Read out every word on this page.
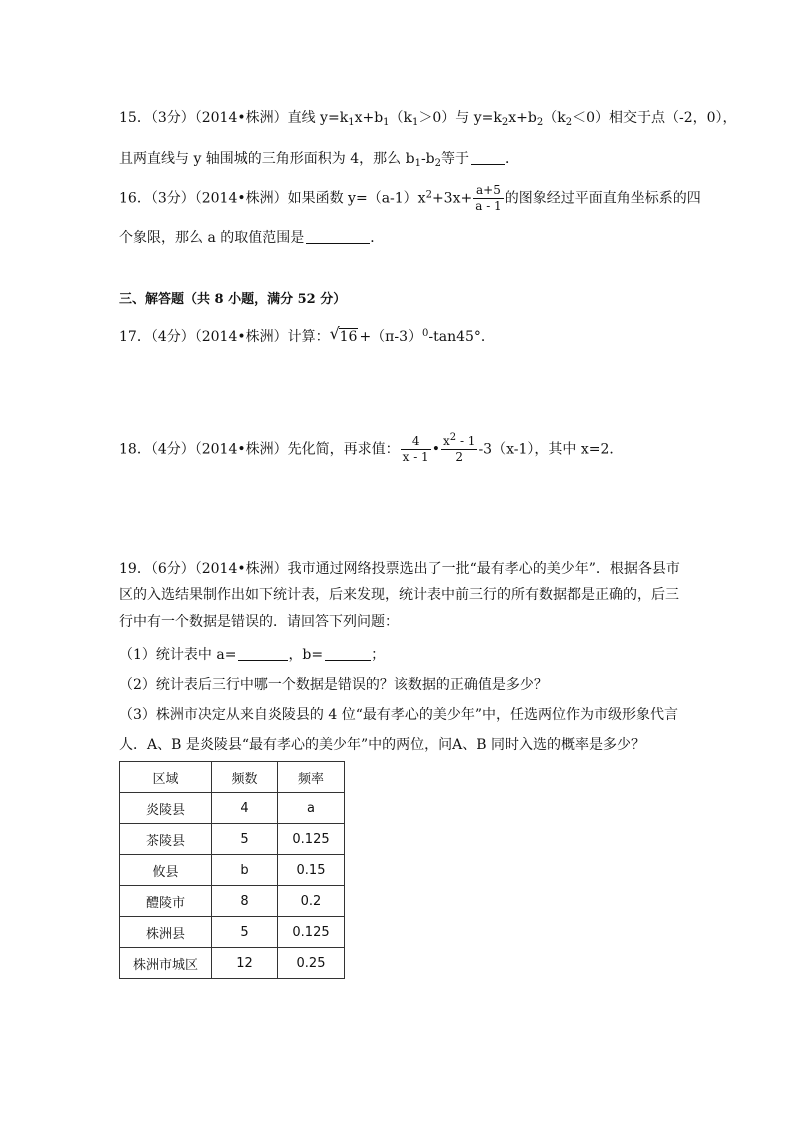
15．（3分）（2014•株洲）直线 $y=k_1x+b_1(k_1>0)$与 $y=k_2x+b_2(k_2<0)$相交于点（-2，0），
且两直线与 y 轴围城的三角形面积为 4，那么 $b_1-b_2$等于	．
16．（3分）（2014•株洲）如果函数 $y=(a-1)x^2+3x+ \frac{a+5}{a - 1}$ 的图象经过平面直角坐标系的四
个象限，那么 a 的取值范围是	．
三、解答题（共 8 小题，满分 52 分）
17．（4分）（2014•株洲）计算： √ $16 +(\pi-3)^0-\tan 45^\circ$．
18．（4分）（2014•株洲）先化简，再求值： $\frac{4}{x - 1}$ • $\frac{x^2 - 1}{2} -3(x-1)$，其中 x=2．
19．（6分）（2014•株洲）我市通过网络投票选出了一批“最有孝心的美少年”．根据各县市
区的入选结果制作出如下统计表，后来发现，统计表中前三行的所有数据都是正确的，后三
行中有一个数据是错误的．请回答下列问题：
（1）统计表中 a=	，b=	；
（2）统计表后三行中哪一个数据是错误的？该数据的正确值是多少？
（3）株洲市决定从来自炎陵县的 4 位“最有孝心的美少年”中，任选两位作为市级形象代言
人．A、B 是炎陵县“最有孝心的美少年”中的两位，问A、B 同时入选的概率是多少？
区域	频数	频率
炎陵县	4	a
茶陵县	5	0.125
攸县	b	0.15
醴陵市	8	0.2
株洲县	5	0.125
株洲市城区	12	0.25
